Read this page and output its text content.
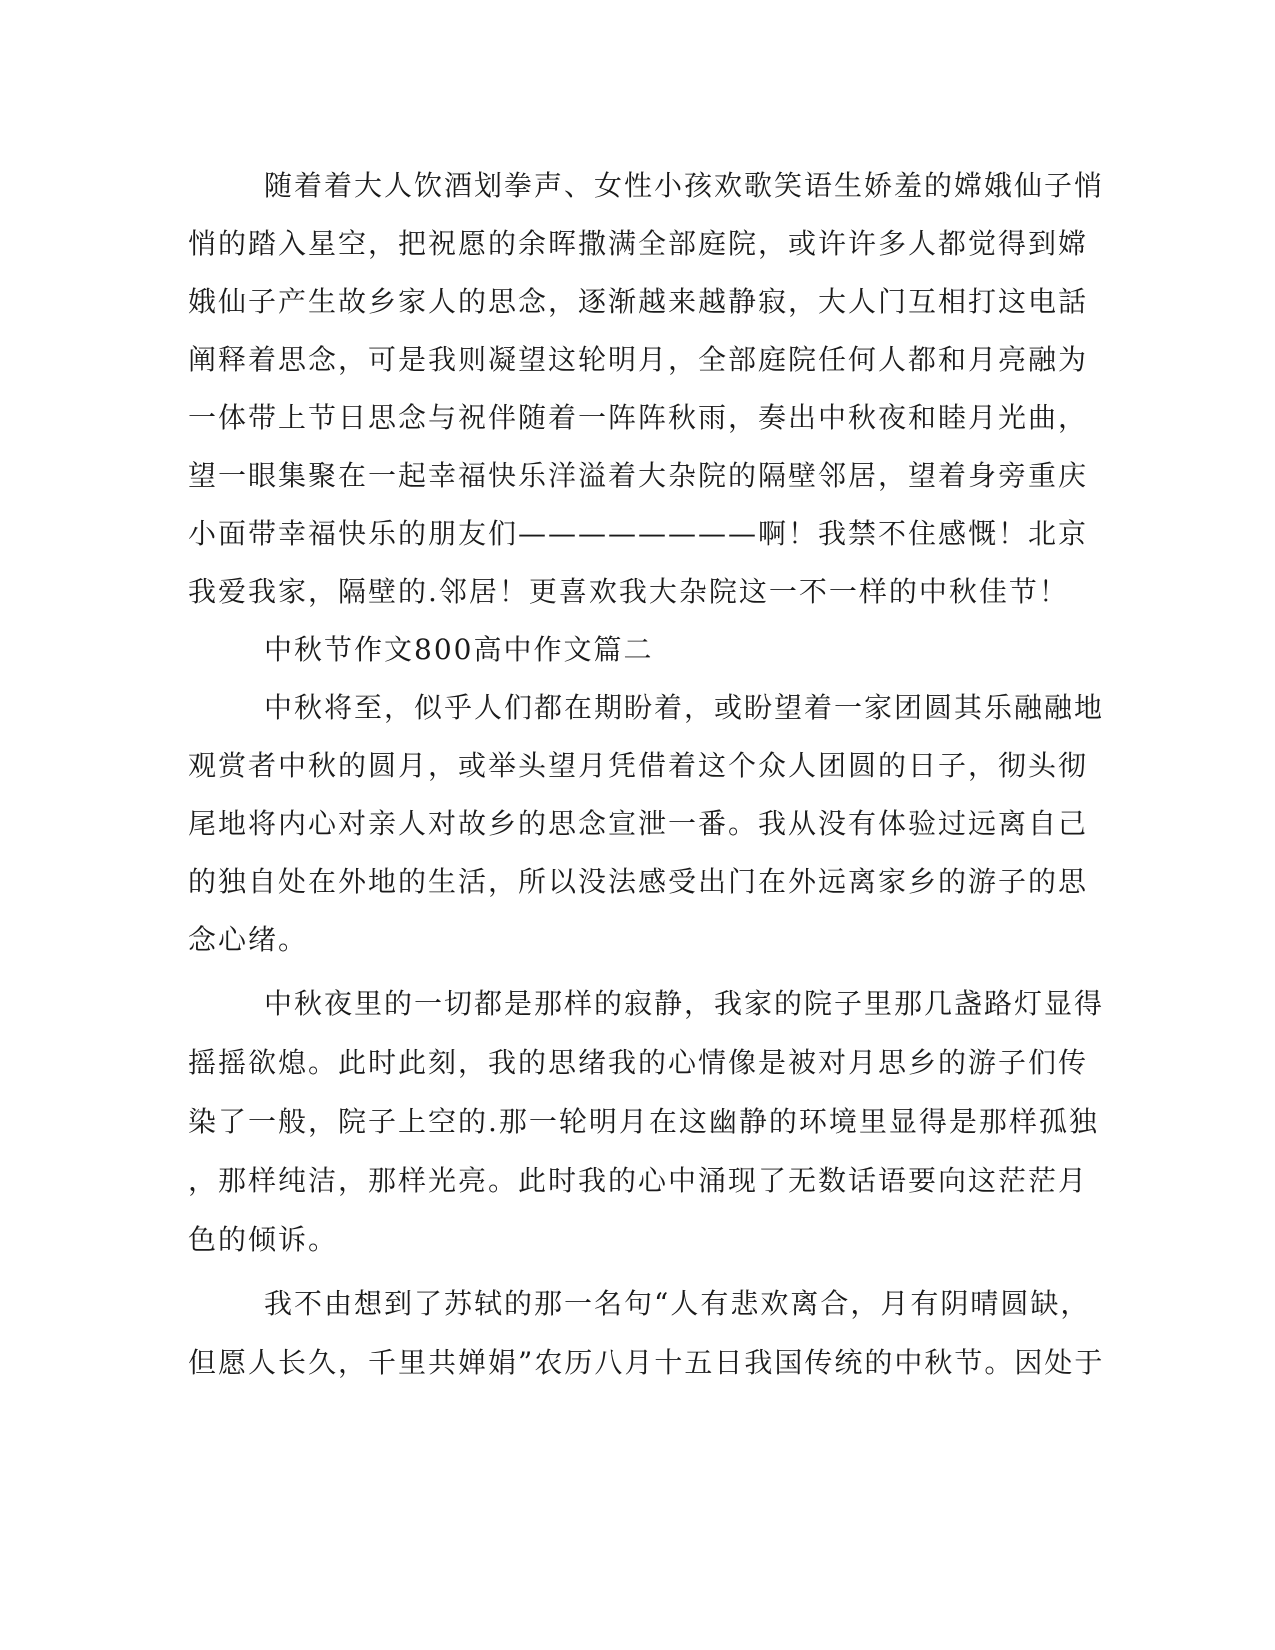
随着着大人饮酒划拳声、女性小孩欢歌笑语生娇羞的嫦娥仙子悄
悄的踏入星空，把祝愿的余晖撒满全部庭院，或许许多人都觉得到嫦
娥仙子产生故乡家人的思念，逐渐越来越静寂，大人门互相打这电話
阐释着思念，可是我则凝望这轮明月，全部庭院任何人都和月亮融为
一体带上节日思念与祝伴随着一阵阵秋雨，奏出中秋夜和睦月光曲，
望一眼集聚在一起幸福快乐洋溢着大杂院的隔壁邻居，望着身旁重庆
小面带幸福快乐的朋友们————————啊！我禁不住感慨！北京
我爱我家，隔壁的.邻居！更喜欢我大杂院这一不一样的中秋佳节！
中秋节作文800高中作文篇二
中秋将至，似乎人们都在期盼着，或盼望着一家团圆其乐融融地
观赏者中秋的圆月，或举头望月凭借着这个众人团圆的日子，彻头彻
尾地将内心对亲人对故乡的思念宣泄一番。我从没有体验过远离自己
的独自处在外地的生活，所以没法感受出门在外远离家乡的游子的思
念心绪。
中秋夜里的一切都是那样的寂静，我家的院子里那几盏路灯显得
摇摇欲熄。此时此刻，我的思绪我的心情像是被对月思乡的游子们传
染了一般，院子上空的.那一轮明月在这幽静的环境里显得是那样孤独
，那样纯洁，那样光亮。此时我的心中涌现了无数话语要向这茫茫月
色的倾诉。
我不由想到了苏轼的那一名句“人有悲欢离合，月有阴晴圆缺，
但愿人长久，千里共婵娟”农历八月十五日我国传统的中秋节。因处于
